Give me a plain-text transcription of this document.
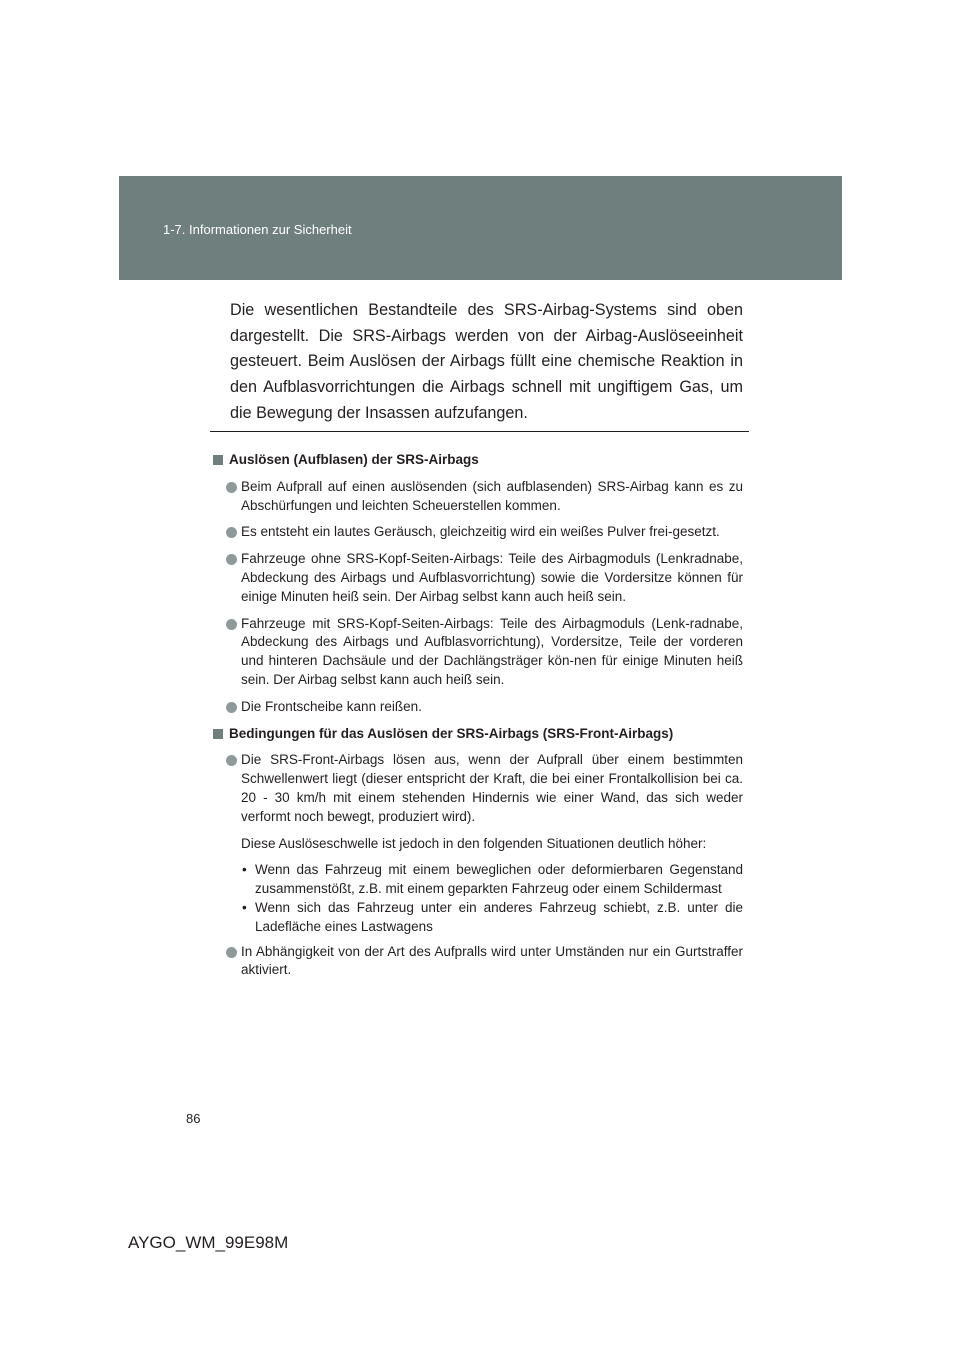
1-7. Informationen zur Sicherheit

Die wesentlichen Bestandteile des SRS-Airbag-Systems sind oben dargestellt. Die SRS-Airbags werden von der Airbag-Auslöseeinheit gesteuert. Beim Auslösen der Airbags füllt eine chemische Reaktion in den Aufblasvorrichtungen die Airbags schnell mit ungiftigem Gas, um die Bewegung der Insassen aufzufangen.

Auslösen (Aufblasen) der SRS-Airbags
Beim Aufprall auf einen auslösenden (sich aufblasenden) SRS-Airbag kann es zu Abschürfungen und leichten Scheuerstellen kommen.
Es entsteht ein lautes Geräusch, gleichzeitig wird ein weißes Pulver frei-gesetzt.
Fahrzeuge ohne SRS-Kopf-Seiten-Airbags: Teile des Airbagmoduls (Lenkradnabe, Abdeckung des Airbags und Aufblasvorrichtung) sowie die Vordersitze können für einige Minuten heiß sein. Der Airbag selbst kann auch heiß sein.
Fahrzeuge mit SRS-Kopf-Seiten-Airbags: Teile des Airbagmoduls (Lenk-radnabe, Abdeckung des Airbags und Aufblasvorrichtung), Vordersitze, Teile der vorderen und hinteren Dachsäule und der Dachlängsträger kön-nen für einige Minuten heiß sein. Der Airbag selbst kann auch heiß sein.
Die Frontscheibe kann reißen.
Bedingungen für das Auslösen der SRS-Airbags (SRS-Front-Airbags)
Die SRS-Front-Airbags lösen aus, wenn der Aufprall über einem bestimmten Schwellenwert liegt (dieser entspricht der Kraft, die bei einer Frontalkollision bei ca. 20 - 30 km/h mit einem stehenden Hindernis wie einer Wand, das sich weder verformt noch bewegt, produziert wird).
Diese Auslöseschwelle ist jedoch in den folgenden Situationen deutlich höher:
• Wenn das Fahrzeug mit einem beweglichen oder deformierbaren Gegenstand zusammenstößt, z.B. mit einem geparkten Fahrzeug oder einem Schildermast
• Wenn sich das Fahrzeug unter ein anderes Fahrzeug schiebt, z.B. unter die Ladefläche eines Lastwagens
In Abhängigkeit von der Art des Aufpralls wird unter Umständen nur ein Gurtstraffer aktiviert.
86
AYGO_WM_99E98M
